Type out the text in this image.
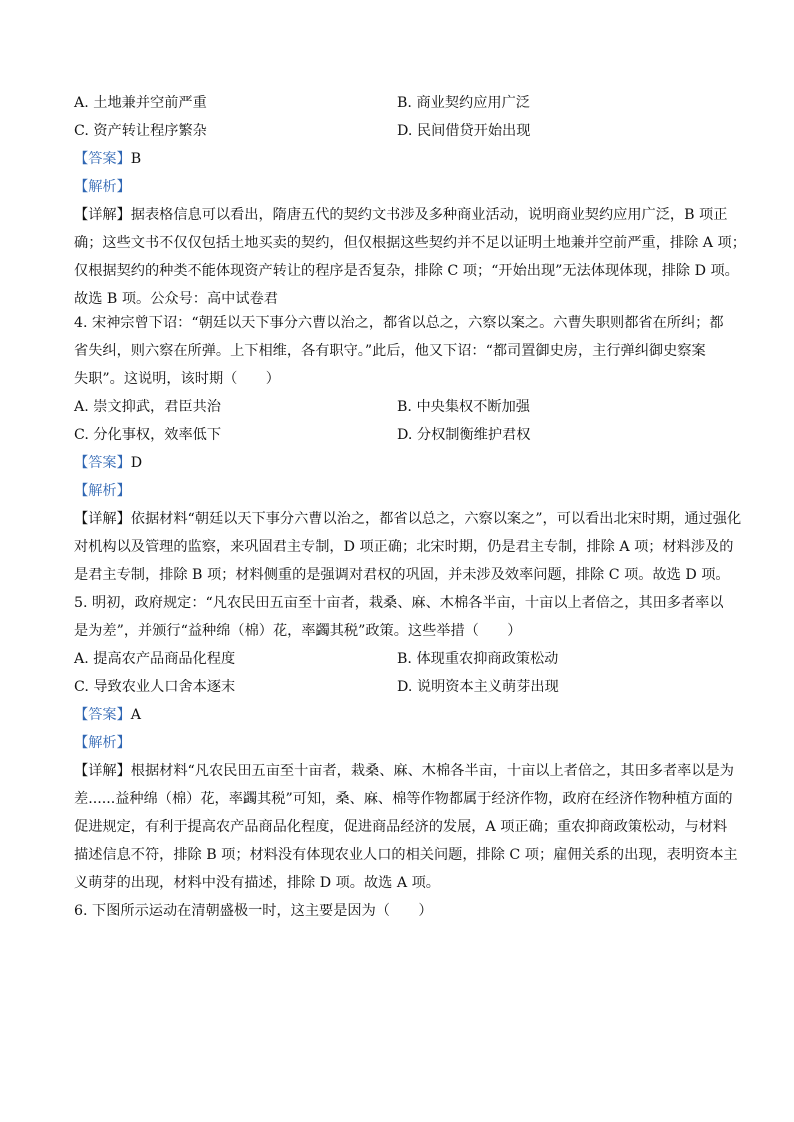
A. 土地兼并空前严重	B. 商业契约应用广泛
C. 资产转让程序繁杂	D. 民间借贷开始出现
【答案】B
【解析】
【详解】据表格信息可以看出，隋唐五代的契约文书涉及多种商业活动，说明商业契约应用广泛，B 项正
确；这些文书不仅仅包括土地买卖的契约，但仅根据这些契约并不足以证明土地兼并空前严重，排除 A 项；
仅根据契约的种类不能体现资产转让的程序是否复杂，排除 C 项；“开始出现”无法体现体现，排除 D 项。
故选 B 项。公众号：高中试卷君
4. 宋神宗曾下诏：“朝廷以天下事分六曹以治之，都省以总之，六察以案之。六曹失职则都省在所纠；都
省失纠，则六察在所弹。上下相维，各有职守。”此后，他又下诏：“都司置御史房，主行弹纠御史察案
失职”。这说明，该时期（　　）
A. 崇文抑武，君臣共治	B. 中央集权不断加强
C. 分化事权，效率低下	D. 分权制衡维护君权
【答案】D
【解析】
【详解】依据材料“朝廷以天下事分六曹以治之，都省以总之，六察以案之”，可以看出北宋时期，通过强化
对机构以及管理的监察，来巩固君主专制，D 项正确；北宋时期，仍是君主专制，排除 A 项；材料涉及的
是君主专制，排除 B 项；材料侧重的是强调对君权的巩固，并未涉及效率问题，排除 C 项。故选 D 项。
5. 明初，政府规定：“凡农民田五亩至十亩者，栽桑、麻、木棉各半亩，十亩以上者倍之，其田多者率以
是为差”，并颁行“益种绵（棉）花，率蠲其税”政策。这些举措（　　）
A. 提高农产品商品化程度	B. 体现重农抑商政策松动
C. 导致农业人口舍本逐末	D. 说明资本主义萌芽出现
【答案】A
【解析】
【详解】根据材料“凡农民田五亩至十亩者，栽桑、麻、木棉各半亩，十亩以上者倍之，其田多者率以是为
差......益种绵（棉）花，率蠲其税”可知，桑、麻、棉等作物都属于经济作物，政府在经济作物种植方面的
促进规定，有利于提高农产品商品化程度，促进商品经济的发展，A 项正确；重农抑商政策松动，与材料
描述信息不符，排除 B 项；材料没有体现农业人口的相关问题，排除 C 项；雇佣关系的出现，表明资本主
义萌芽的出现，材料中没有描述，排除 D 项。故选 A 项。
6. 下图所示运动在清朝盛极一时，这主要是因为（　　）
